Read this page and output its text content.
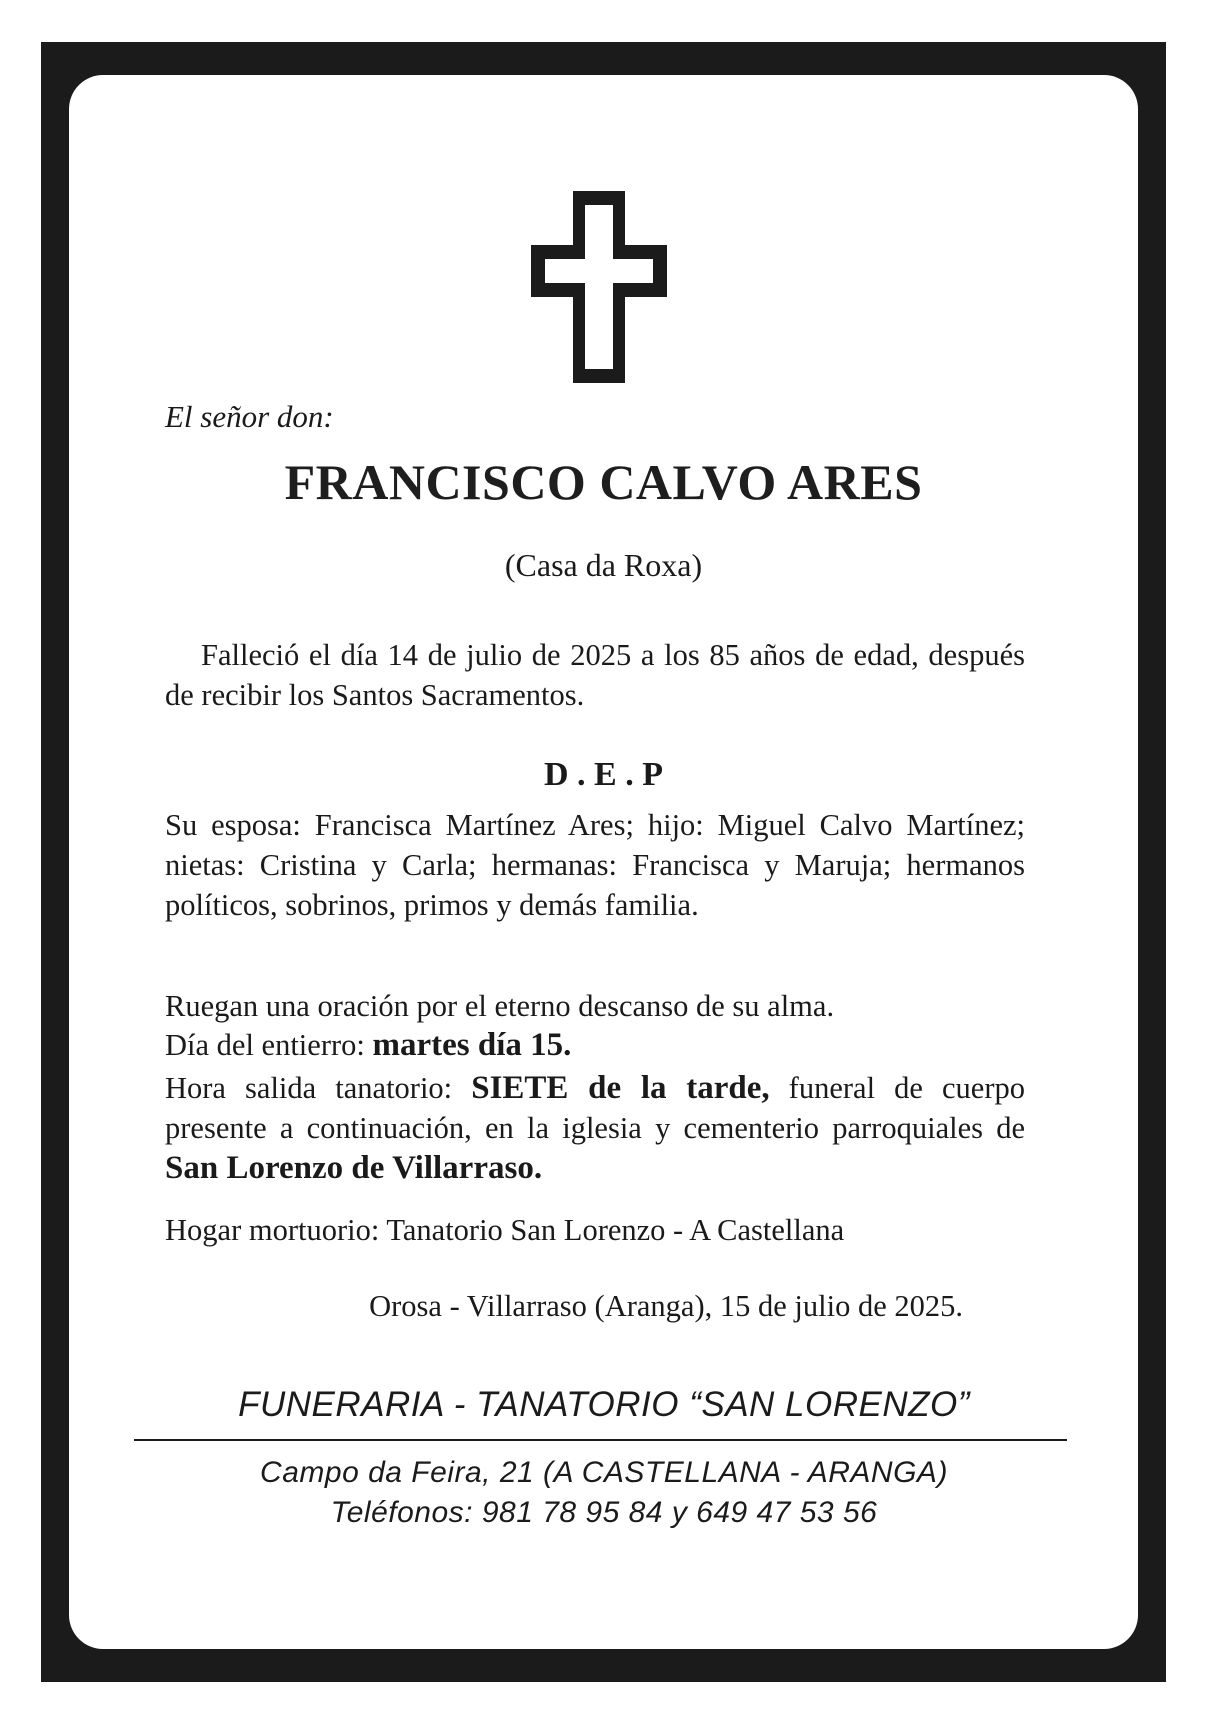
El señor don:

FRANCISCO CALVO ARES

(Casa da Roxa)

Falleció el día 14 de julio de 2025 a los 85 años de edad, después de recibir los Santos Sacramentos.

D . E . P

Su esposa: Francisca Martínez Ares; hijo: Miguel Calvo Martínez; nietas: Cristina y Carla; hermanas: Francisca y Maruja; hermanos políticos, sobrinos, primos y demás familia.

Ruegan una oración por el eterno descanso de su alma.

Día del entierro: martes día 15.

Hora salida tanatorio: SIETE de la tarde, funeral de cuerpo presente a continuación, en la iglesia y cementerio parroquiales de San Lorenzo de Villarraso.

Hogar mortuorio: Tanatorio San Lorenzo - A Castellana

Orosa - Villarraso (Aranga), 15 de julio de 2025.

FUNERARIA - TANATORIO “SAN LORENZO”

Campo da Feira, 21 (A CASTELLANA - ARANGA)

Teléfonos: 981 78 95 84 y 649 47 53 56
